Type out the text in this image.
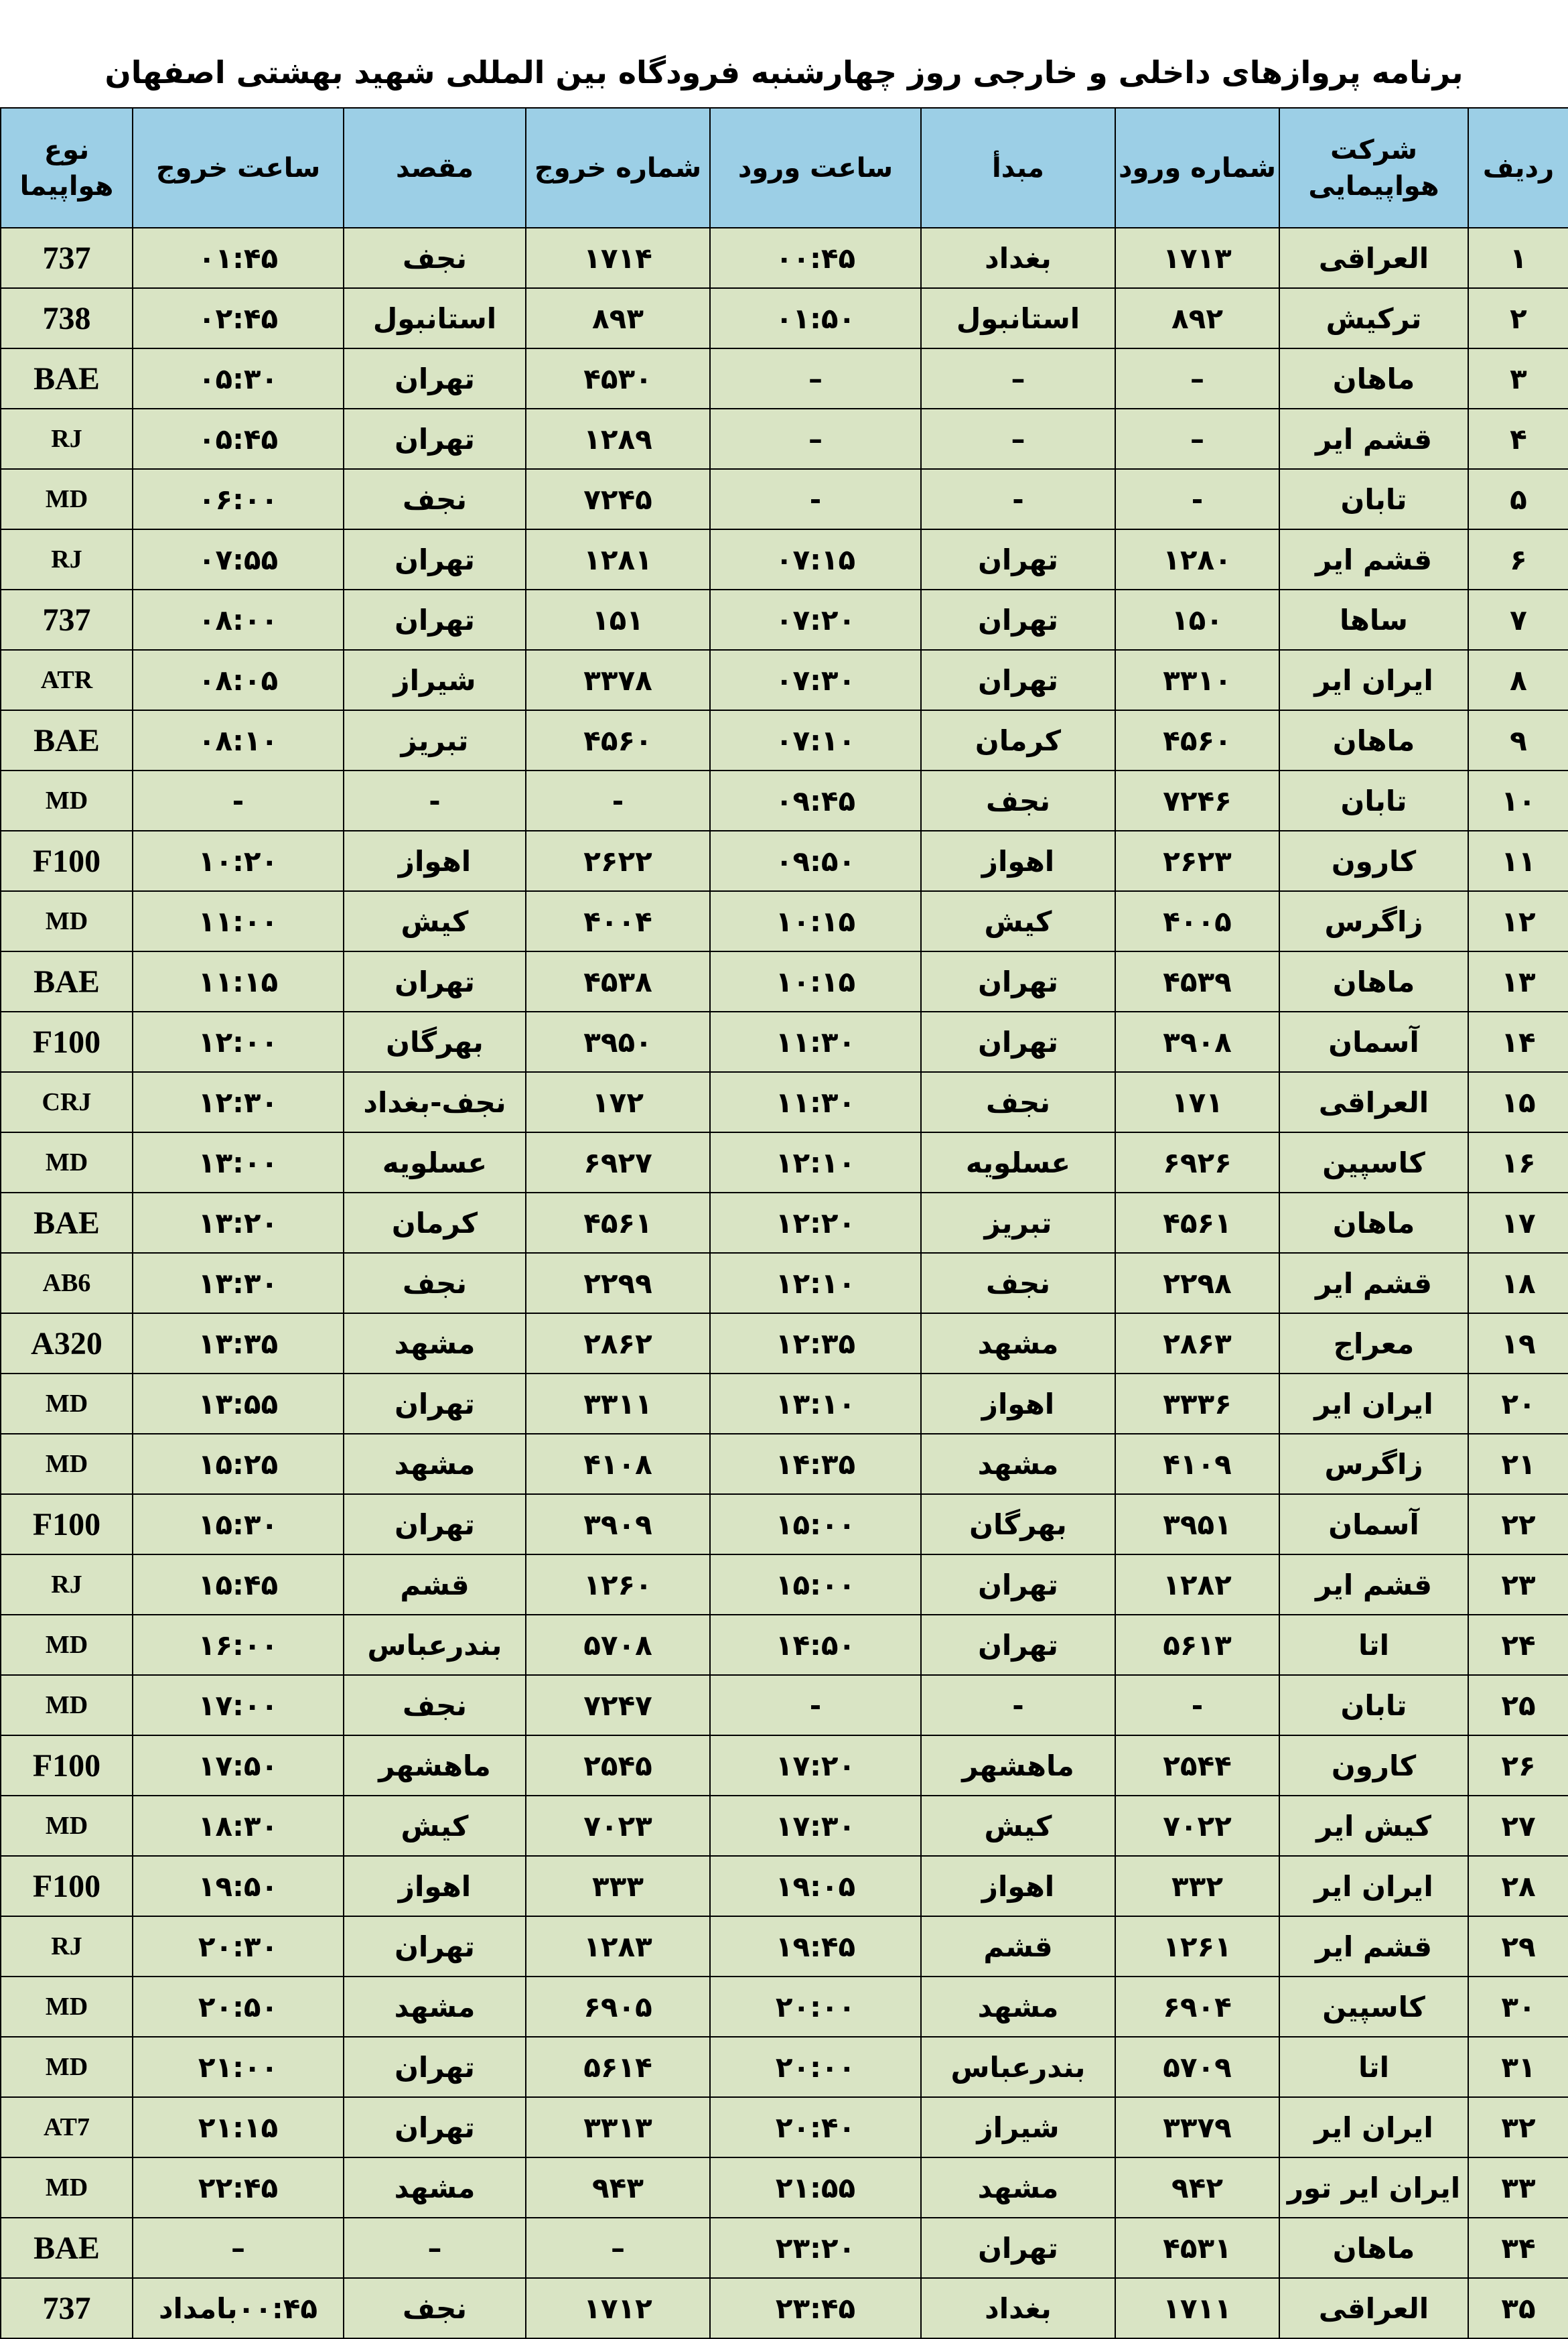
برنامه پروازهای داخلی و خارجی روز چهارشنبه فرودگاه بین المللی شهید بهشتی اصفهان
ردیف	شرکت هواپیمایی	شماره ورود	مبدأ	ساعت ورود	شماره خروج	مقصد	ساعت خروج	نوع هواپیما
۱	العراقی	۱۷۱۳	بغداد	۰۰:۴۵	۱۷۱۴	نجف	۰۱:۴۵	737
۲	ترکیش	۸۹۲	استانبول	۰۱:۵۰	۸۹۳	استانبول	۰۲:۴۵	738
۳	ماهان	–	–	–	۴۵۳۰	تهران	۰۵:۳۰	BAE
۴	قشم ایر	–	–	–	۱۲۸۹	تهران	۰۵:۴۵	RJ
۵	تابان	-	-	-	۷۲۴۵	نجف	۰۶:۰۰	MD
۶	قشم ایر	۱۲۸۰	تهران	۰۷:۱۵	۱۲۸۱	تهران	۰۷:۵۵	RJ
۷	ساها	۱۵۰	تهران	۰۷:۲۰	۱۵۱	تهران	۰۸:۰۰	737
۸	ایران ایر	۳۳۱۰	تهران	۰۷:۳۰	۳۳۷۸	شیراز	۰۸:۰۵	ATR
۹	ماهان	۴۵۶۰	کرمان	۰۷:۱۰	۴۵۶۰	تبریز	۰۸:۱۰	BAE
۱۰	تابان	۷۲۴۶	نجف	۰۹:۴۵	-	-	-	MD
۱۱	کارون	۲۶۲۳	اهواز	۰۹:۵۰	۲۶۲۲	اهواز	۱۰:۲۰	F100
۱۲	زاگرس	۴۰۰۵	کیش	۱۰:۱۵	۴۰۰۴	کیش	۱۱:۰۰	MD
۱۳	ماهان	۴۵۳۹	تهران	۱۰:۱۵	۴۵۳۸	تهران	۱۱:۱۵	BAE
۱۴	آسمان	۳۹۰۸	تهران	۱۱:۳۰	۳۹۵۰	بهرگان	۱۲:۰۰	F100
۱۵	العراقی	۱۷۱	نجف	۱۱:۳۰	۱۷۲	نجف-بغداد	۱۲:۳۰	CRJ
۱۶	کاسپین	۶۹۲۶	عسلویه	۱۲:۱۰	۶۹۲۷	عسلویه	۱۳:۰۰	MD
۱۷	ماهان	۴۵۶۱	تبریز	۱۲:۲۰	۴۵۶۱	کرمان	۱۳:۲۰	BAE
۱۸	قشم ایر	۲۲۹۸	نجف	۱۲:۱۰	۲۲۹۹	نجف	۱۳:۳۰	AB6
۱۹	معراج	۲۸۶۳	مشهد	۱۲:۳۵	۲۸۶۲	مشهد	۱۳:۳۵	A320
۲۰	ایران ایر	۳۳۳۶	اهواز	۱۳:۱۰	۳۳۱۱	تهران	۱۳:۵۵	MD
۲۱	زاگرس	۴۱۰۹	مشهد	۱۴:۳۵	۴۱۰۸	مشهد	۱۵:۲۵	MD
۲۲	آسمان	۳۹۵۱	بهرگان	۱۵:۰۰	۳۹۰۹	تهران	۱۵:۳۰	F100
۲۳	قشم ایر	۱۲۸۲	تهران	۱۵:۰۰	۱۲۶۰	قشم	۱۵:۴۵	RJ
۲۴	اتا	۵۶۱۳	تهران	۱۴:۵۰	۵۷۰۸	بندرعباس	۱۶:۰۰	MD
۲۵	تابان	-	-	-	۷۲۴۷	نجف	۱۷:۰۰	MD
۲۶	کارون	۲۵۴۴	ماهشهر	۱۷:۲۰	۲۵۴۵	ماهشهر	۱۷:۵۰	F100
۲۷	کیش ایر	۷۰۲۲	کیش	۱۷:۳۰	۷۰۲۳	کیش	۱۸:۳۰	MD
۲۸	ایران ایر	۳۳۲	اهواز	۱۹:۰۵	۳۳۳	اهواز	۱۹:۵۰	F100
۲۹	قشم ایر	۱۲۶۱	قشم	۱۹:۴۵	۱۲۸۳	تهران	۲۰:۳۰	RJ
۳۰	کاسپین	۶۹۰۴	مشهد	۲۰:۰۰	۶۹۰۵	مشهد	۲۰:۵۰	MD
۳۱	اتا	۵۷۰۹	بندرعباس	۲۰:۰۰	۵۶۱۴	تهران	۲۱:۰۰	MD
۳۲	ایران ایر	۳۳۷۹	شیراز	۲۰:۴۰	۳۳۱۳	تهران	۲۱:۱۵	AT7
۳۳	ایران ایر تور	۹۴۲	مشهد	۲۱:۵۵	۹۴۳	مشهد	۲۲:۴۵	MD
۳۴	ماهان	۴۵۳۱	تهران	۲۳:۲۰	–	–	–	BAE
۳۵	العراقی	۱۷۱۱	بغداد	۲۳:۴۵	۱۷۱۲	نجف	۰۰:۴۵بامداد	737
